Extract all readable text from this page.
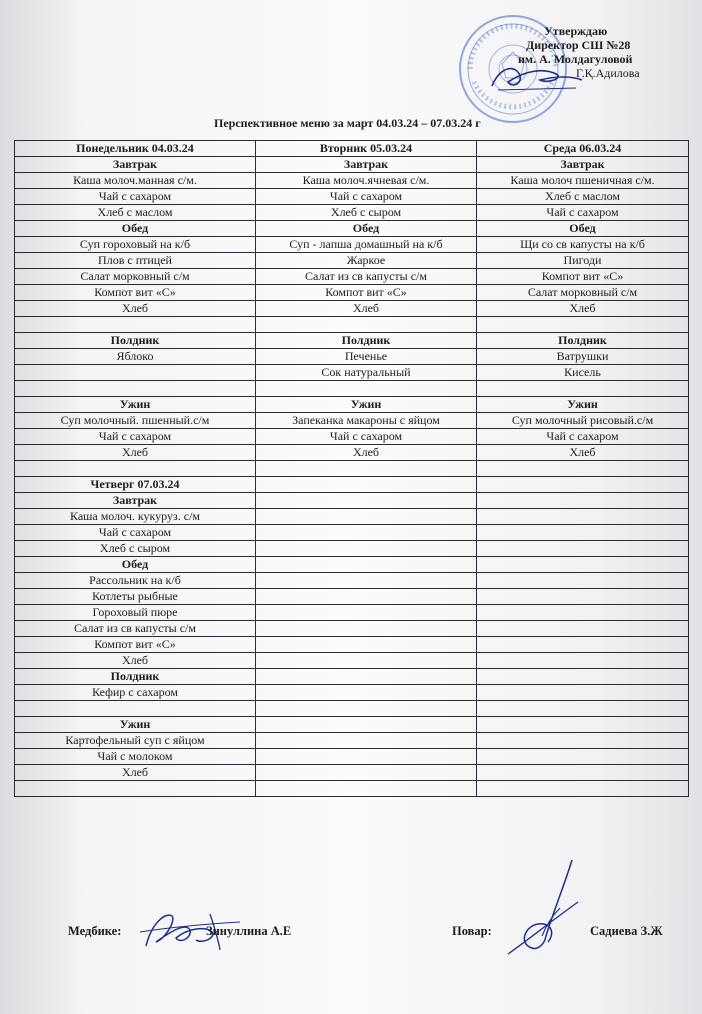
Утверждаю
Директор СШ №28
им. А. Молдагуловой
Г.Қ.Адилова
Перспективное меню за март 04.03.24 – 07.03.24 г
Понедельник 04.03.24	Вторник 05.03.24	Среда 06.03.24
Завтрак	Завтрак	Завтрак
Каша молоч.манная с/м.	Каша молоч.ячневая с/м.	Каша молоч пшеничная с/м.
Чай с сахаром	Чай с сахаром	Хлеб с маслом
Хлеб с маслом	Хлеб с сыром	Чай с сахаром
Обед	Обед	Обед
Суп гороховый на к/б	Суп - лапша домашный на к/б	Щи со св капусты на к/б
Плов с птицей	Жаркое	Пигоди
Салат морковный с/м	Салат из св капусты с/м	Компот вит «С»
Компот вит «С»	Компот вит «С»	Салат морковный с/м
Хлеб	Хлеб	Хлеб

Полдник	Полдник	Полдник
Яблоко	Печенье	Ватрушки
	Сок натуральный	Кисель

Ужин	Ужин	Ужин
Суп молочный. пшенный.с/м	Запеканка макароны с яйцом	Суп молочный рисовый.с/м
Чай с сахаром	Чай с сахаром	Чай с сахаром
Хлеб	Хлеб	Хлеб

Четверг 07.03.24		
Завтрак		
Каша молоч. кукуруз. с/м		
Чай с сахаром		
Хлеб с сыром		
Обед		
Рассольник на к/б		
Котлеты рыбные		
Гороховый пюре		
Салат из св капусты с/м		
Компот вит «С»		
Хлеб		
Полдник		
Кефир с сахаром		

Ужин		
Картофельный суп с яйцом		
Чай с молоком		
Хлеб		

Медбике:	Зинуллина А.Е	Повар:	Садиева З.Ж
